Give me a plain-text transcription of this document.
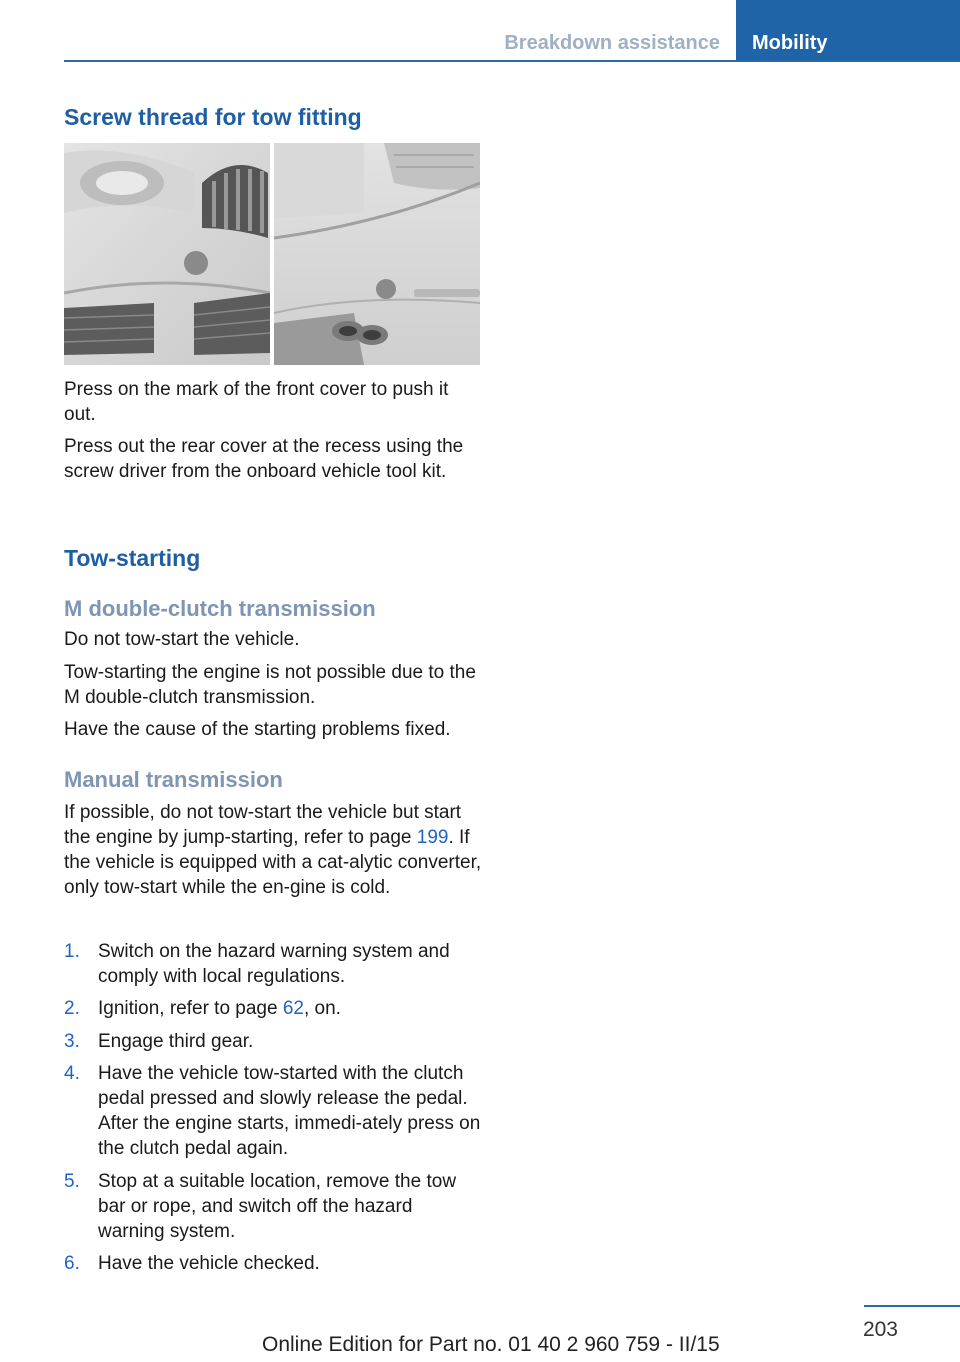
Breakdown assistance	Mobility
Screw thread for tow fitting

Press on the mark of the front cover to push it out.

Press out the rear cover at the recess using the screw driver from the onboard vehicle tool kit.

Tow-starting
M double-clutch transmission

Do not tow-start the vehicle.

Tow-starting the engine is not possible due to the M double-clutch transmission.

Have the cause of the starting problems fixed.

Manual transmission

If possible, do not tow-start the vehicle but start the engine by jump-starting, refer to page 199. If the vehicle is equipped with a cat‑alytic converter, only tow-start while the en‑gine is cold.

1. Switch on the hazard warning system and comply with local regulations.
2. Ignition, refer to page 62, on.
3. Engage third gear.
4. Have the vehicle tow-started with the clutch pedal pressed and slowly release the pedal. After the engine starts, immedi‑ately press on the clutch pedal again.
5. Stop at a suitable location, remove the tow bar or rope, and switch off the hazard warning system.
6. Have the vehicle checked.
203
Online Edition for Part no. 01 40 2 960 759 - II/15
